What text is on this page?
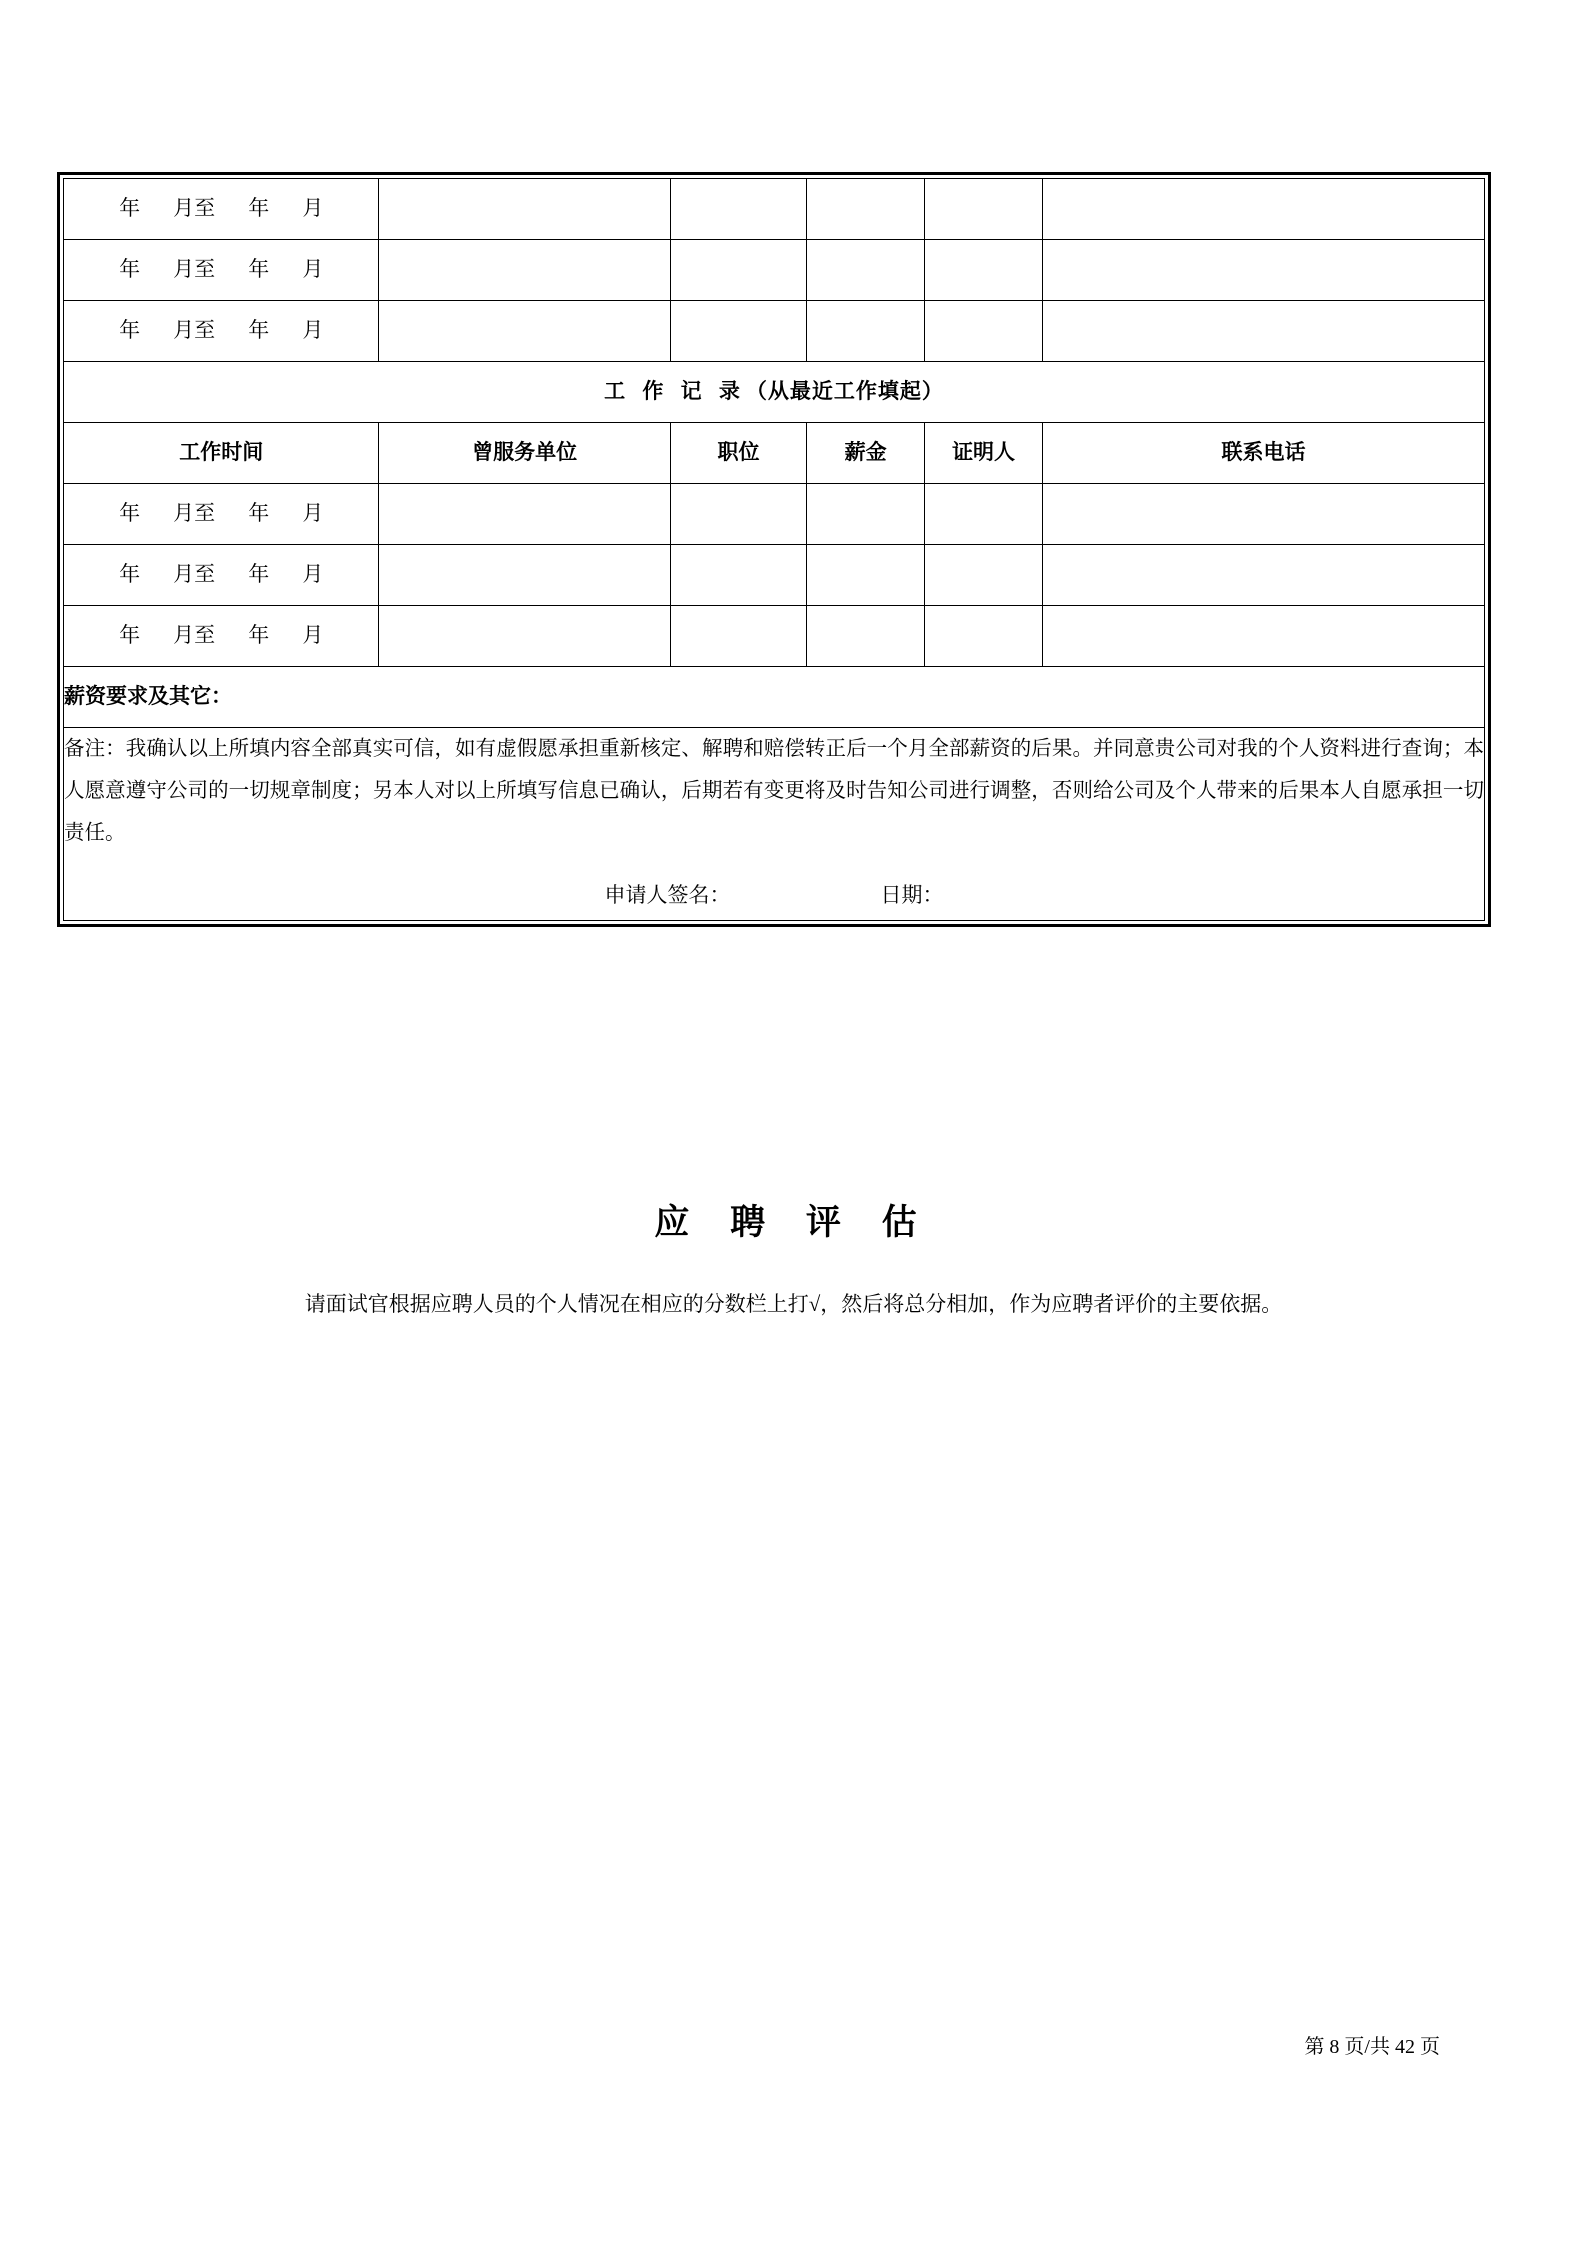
年 月至 年 月					

年 月至 年 月					

年 月至 年 月					

工 作 记 录（从最近工作填起）					
工作时间	曾服务单位	职位	薪金	证明人	联系电话

年 月至 年 月					

年 月至 年 月					

年 月至 年 月					

薪资要求及其它：					

备注：我确认以上所填内容全部真实可信，如有虚假愿承担重新核定、解聘和赔偿转正后一个月全部薪资的后果。并同意贵公司对我的个人资料进行查询；本人愿意遵守公司的一切规章制度；另本人对以上所填写信息已确认，后期若有变更将及时告知公司进行调整，否则给公司及个人带来的后果本人自愿承担一切责任。

申请人签名： 日期：					
应 聘 评 估
请面试官根据应聘人员的个人情况在相应的分数栏上打√，然后将总分相加，作为应聘者评价的主要依据。
第 8 页/共 42 页
